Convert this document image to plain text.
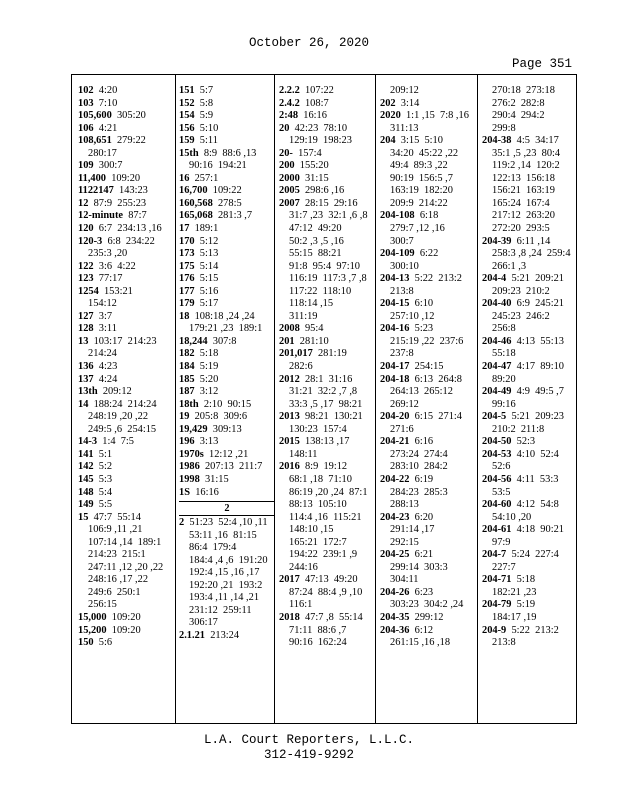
October 26, 2020
Page 351
102 4:20
103 7:10
105,600 305:20
106 4:21
108,651 279:22
280:17
109 300:7
11,400 109:20
1122147 143:23
12 87:9  255:23
12-minute 87:7
120 6:7  234:13 ,16
120-3 6:8  234:22
235:3 ,20
122 3:6  4:22
123 77:17
1254 153:21
154:12
127 3:7
128 3:11
13 103:17  214:23
214:24
136 4:23
137 4:24
13th 209:12
14 188:24  214:24
248:19 ,20 ,22
249:5 ,6  254:15
14-3 1:4  7:5
141 5:1
142 5:2
145 5:3
148 5:4
149 5:5
15 47:7  55:14
106:9 ,11 ,21
107:14 ,14  189:1
214:23  215:1
247:11 ,12 ,20 ,22
248:16 ,17 ,22
249:6  250:1
256:15
15,000 109:20
15,200 109:20
150 5:6
151 5:7
152 5:8
154 5:9
156 5:10
159 5:11
15th 8:9  88:6 ,13
90:16  194:21
16 257:1
16,700 109:22
160,568 278:5
165,068 281:3 ,7
17 189:1
170 5:12
173 5:13
175 5:14
176 5:15
177 5:16
179 5:17
18 108:18 ,24 ,24
179:21 ,23  189:1
18,244 307:8
182 5:18
184 5:19
185 5:20
187 3:12
18th 2:10  90:15
19 205:8  309:6
19,429 309:13
196 3:13
1970s 12:12 ,21
1986 207:13  211:7
1998 31:15
1S 16:16
2
2 51:23  52:4 ,10 ,11
53:11 ,16  81:15
86:4  179:4
184:4 ,4 ,6  191:20
192:4 ,15 ,16 ,17
192:20 ,21  193:2
193:4 ,11 ,14 ,21
231:12  259:11
306:17
2.1.21 213:24
2.2.2 107:22
2.4.2 108:7
2:48 16:16
20 42:23  78:10
129:19  198:23
20- 157:4
200 155:20
2000 31:15
2005 298:6 ,16
2007 28:15  29:16
31:7 ,23  32:1 ,6 ,8
47:12  49:20
50:2 ,3 ,5 ,16
55:15  88:21
91:8  95:4  97:10
116:19  117:3 ,7 ,8
117:22  118:10
118:14 ,15
311:19
2008 95:4
201 281:10
201,017 281:19
282:6
2012 28:1  31:16
31:21  32:2 ,7 ,8
33:3 ,5 ,17  98:21
2013 98:21  130:21
130:23  157:4
2015 138:13 ,17
148:11
2016 8:9  19:12
68:1 ,18  71:10
86:19 ,20 ,24  87:1
88:13  105:10
114:4 ,16  115:21
148:10 ,15
165:21  172:7
194:22  239:1 ,9
244:16
2017 47:13  49:20
87:24  88:4 ,9 ,10
116:1
2018 47:7 ,8  55:14
71:11  88:6 ,7
90:16  162:24
209:12
202 3:14
2020 1:1 ,15  7:8 ,16
311:13
204 3:15  5:10
34:20  45:22 ,22
49:4  89:3 ,22
90:19  156:5 ,7
163:19  182:20
209:9  214:22
204-108 6:18
279:7 ,12 ,16
300:7
204-109 6:22
300:10
204-13 5:22  213:2
213:8
204-15 6:10
257:10 ,12
204-16 5:23
215:19 ,22  237:6
237:8
204-17 254:15
204-18 6:13  264:8
264:13  265:12
269:12
204-20 6:15  271:4
271:6
204-21 6:16
273:24  274:4
283:10  284:2
204-22 6:19
284:23  285:3
288:13
204-23 6:20
291:14 ,17
292:15
204-25 6:21
299:14  303:3
304:11
204-26 6:23
303:23  304:2 ,24
204-35 299:12
204-36 6:12
261:15 ,16 ,18
270:18  273:18
276:2  282:8
290:4  294:2
299:8
204-38 4:5  34:17
35:1 ,5 ,23  80:4
119:2 ,14  120:2
122:13  156:18
156:21  163:19
165:24  167:4
217:12  263:20
272:20  293:5
204-39 6:11 ,14
258:3 ,8 ,24  259:4
266:1 ,3
204-4 5:21  209:21
209:23  210:2
204-40 6:9  245:21
245:23  246:2
256:8
204-46 4:13  55:13
55:18
204-47 4:17  89:10
89:20
204-49 4:9  49:5 ,7
99:16
204-5 5:21  209:23
210:2  211:8
204-50 52:3
204-53 4:10  52:4
52:6
204-56 4:11  53:3
53:5
204-60 4:12  54:8
54:10 ,20
204-61 4:18  90:21
97:9
204-7 5:24  227:4
227:7
204-71 5:18
182:21 ,23
204-79 5:19
184:17 ,19
204-9 5:22  213:2
213:8
L.A. Court Reporters, L.L.C.
312-419-9292
